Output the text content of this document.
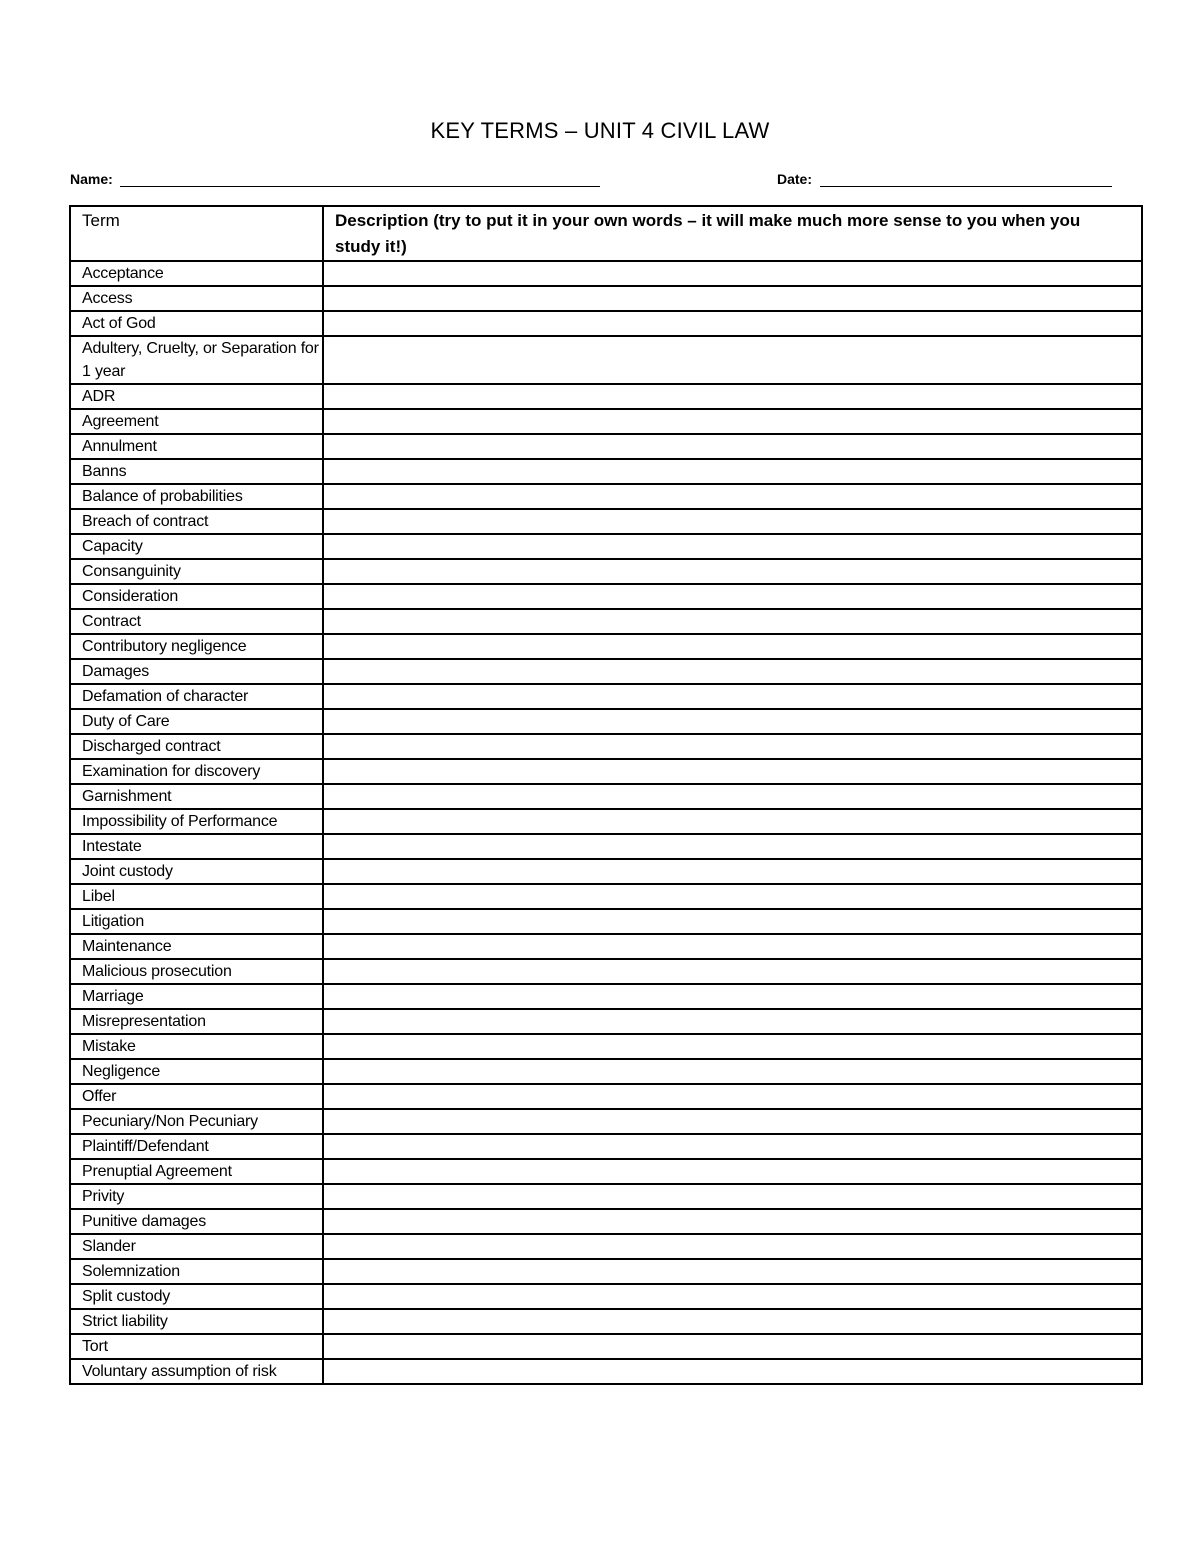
KEY TERMS – UNIT 4 CIVIL LAW
Name:	Date:
Term	Description (try to put it in your own words – it will make much more sense to you when you study it!)
Acceptance	
Access	
Act of God	
Adultery, Cruelty, or Separation for 1 year	
ADR	
Agreement	
Annulment	
Banns	
Balance of probabilities	
Breach of contract	
Capacity	
Consanguinity	
Consideration	
Contract	
Contributory negligence	
Damages	
Defamation of character	
Duty of Care	
Discharged contract	
Examination for discovery	
Garnishment	
Impossibility of Performance	
Intestate	
Joint custody	
Libel	
Litigation	
Maintenance	
Malicious prosecution	
Marriage	
Misrepresentation	
Mistake	
Negligence	
Offer	
Pecuniary/Non Pecuniary	
Plaintiff/Defendant	
Prenuptial Agreement	
Privity	
Punitive damages	
Slander	
Solemnization	
Split custody	
Strict liability	
Tort	
Voluntary assumption of risk	
